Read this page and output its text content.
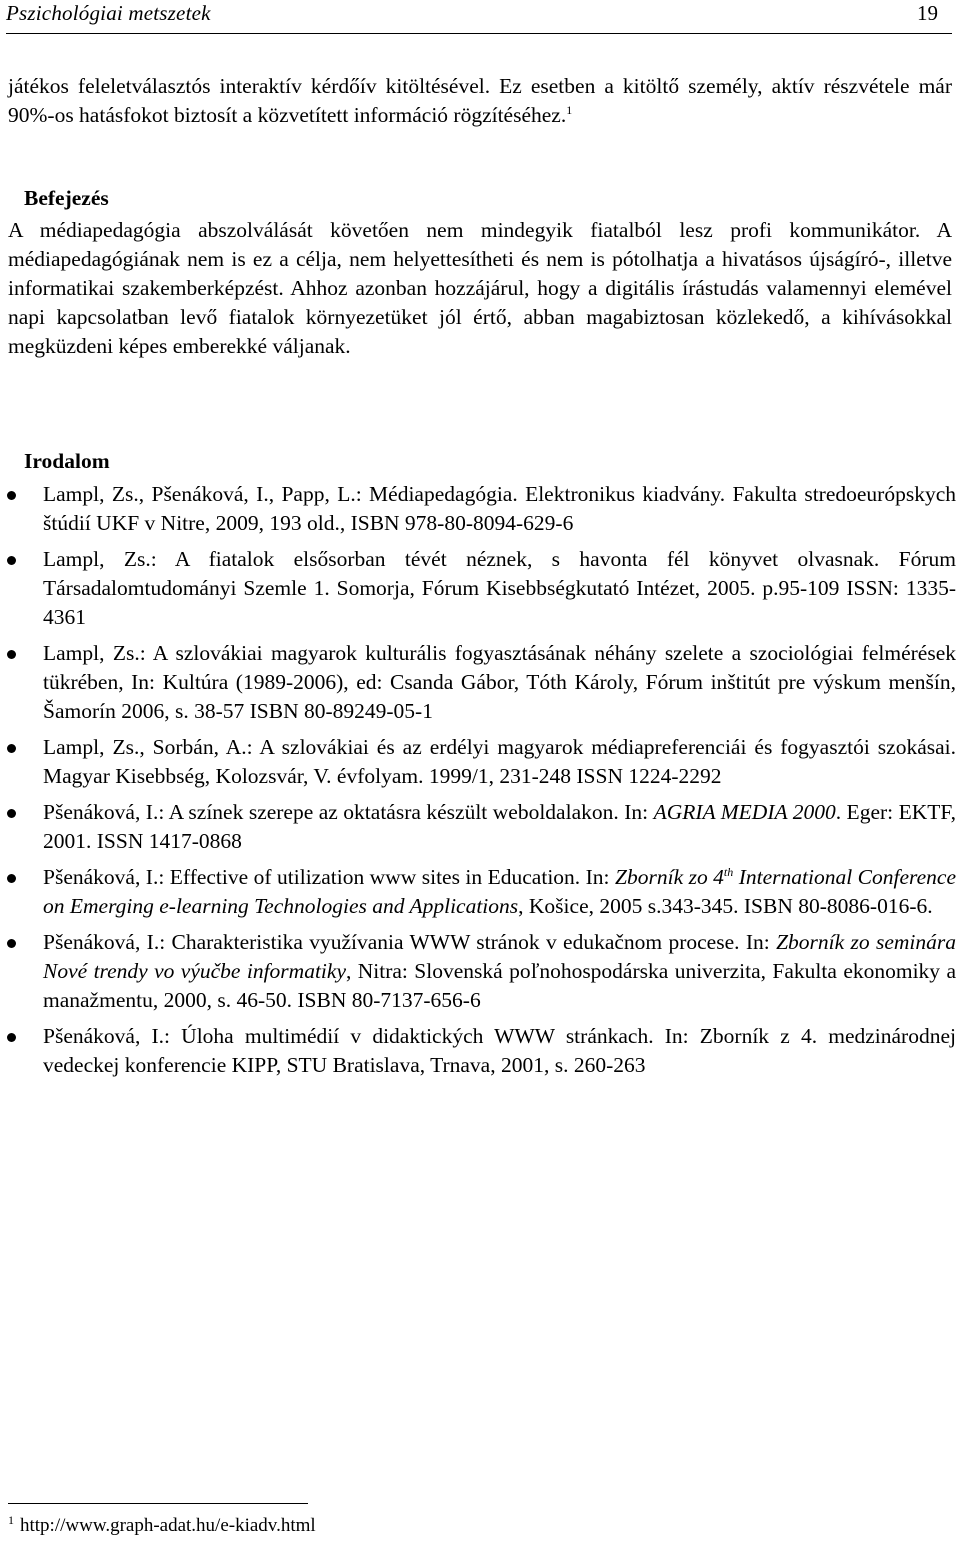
Pszichológiai metszetek	19
játékos feleletválasztós interaktív kérdőív kitöltésével. Ez esetben a kitöltő személy, aktív részvétele már 90%-os hatásfokot biztosít a közvetített információ rögzítéséhez.$^1$
Befejezés
A médiapedagógia abszolválását követően nem mindegyik fiatalból lesz profi kommunikátor. A médiapedagógiának nem is ez a célja, nem helyettesítheti és nem is pótolhatja a hivatásos újságíró-, illetve informatikai szakemberképzést. Ahhoz azonban hozzájárul, hogy a digitális írástudás valamennyi elemével napi kapcsolatban levő fiatalok környezetüket jól értő, abban magabiztosan közlekedő, a kihívásokkal megküzdeni képes emberekké váljanak.
Irodalom
Lampl, Zs., Pšenáková, I., Papp, L.: Médiapedagógia. Elektronikus kiadvány. Fakulta stredoeurópskych štúdií UKF v Nitre, 2009, 193 old., ISBN 978-80-8094-629-6
Lampl, Zs.: A fiatalok elsősorban tévét néznek, s havonta fél könyvet olvasnak. Fórum Társadalomtudományi Szemle 1. Somorja, Fórum Kisebbségkutató Intézet, 2005. p.95-109 ISSN: 1335-4361
Lampl, Zs.: A szlovákiai magyarok kulturális fogyasztásának néhány szelete a szociológiai felmérések tükrében, In: Kultúra (1989-2006), ed: Csanda Gábor, Tóth Károly, Fórum inštitút pre výskum menšín, Šamorín 2006, s. 38-57 ISBN 80-89249-05-1
Lampl, Zs., Sorbán, A.: A szlovákiai és az erdélyi magyarok médiapreferenciái és fogyasztói szokásai. Magyar Kisebbség, Kolozsvár, V. évfolyam. 1999/1, 231-248 ISSN 1224-2292
Pšenáková, I.: A színek szerepe az oktatásra készült weboldalakon. In: AGRIA MEDIA 2000. Eger: EKTF, 2001. ISSN 1417-0868
Pšenáková, I.: Effective of utilization www sites in Education. In: Zborník zo 4th International Conference on Emerging e-learning Technologies and Applications, Košice, 2005 s.343-345. ISBN 80-8086-016-6.
Pšenáková, I.: Charakteristika využívania WWW stránok v edukačnom procese. In: Zborník zo seminára Nové trendy vo výučbe informatiky, Nitra: Slovenská poľnohospodárska univerzita, Fakulta ekonomiky a manažmentu, 2000, s. 46-50. ISBN 80-7137-656-6
Pšenáková, I.: Úloha multimédií v didaktických WWW stránkach. In: Zborník z 4. medzinárodnej vedeckej konferencie KIPP, STU Bratislava, Trnava, 2001, s. 260-263
$^1$ http://www.graph-adat.hu/e-kiadv.html
